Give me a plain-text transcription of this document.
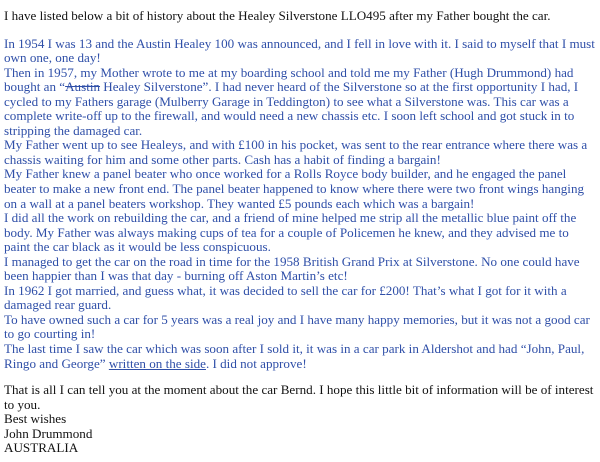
I have listed below a bit of history about the Healey Silverstone LLO495 after my Father bought the car.

In 1954 I was 13 and the Austin Healey 100 was announced, and I fell in love with it. I said to myself that I must own one, one day!

Then in 1957, my Mother wrote to me at my boarding school and told me my Father (Hugh Drummond) had bought an “Austin Healey Silverstone”. I had never heard of the Silverstone so at the first opportunity I had, I cycled to my Fathers garage (Mulberry Garage in Teddington) to see what a Silverstone was. This car was a complete write-off up to the firewall, and would need a new chassis etc. I soon left school and got stuck in to stripping the damaged car.

My Father went up to see Healeys, and with £100 in his pocket, was sent to the rear entrance where there was a chassis waiting for him and some other parts. Cash has a habit of finding a bargain!

My Father knew a panel beater who once worked for a Rolls Royce body builder, and he engaged the panel beater to make a new front end. The panel beater happened to know where there were two front wings hanging on a wall at a panel beaters workshop. They wanted £5 pounds each which was a bargain!

I did all the work on rebuilding the car, and a friend of mine helped me strip all the metallic blue paint off the body. My Father was always making cups of tea for a couple of Policemen he knew, and they advised me to paint the car black as it would be less conspicuous.

I managed to get the car on the road in time for the 1958 British Grand Prix at Silverstone. No one could have been happier than I was that day - burning off Aston Martin’s etc!

In 1962 I got married, and guess what, it was decided to sell the car for £200! That’s what I got for it with a damaged rear guard.

To have owned such a car for 5 years was a real joy and I have many happy memories, but it was not a good car to go courting in!

The last time I saw the car which was soon after I sold it, it was in a car park in Aldershot and had “John, Paul, Ringo and George” written on the side. I did not approve!

That is all I can tell you at the moment about the car Bernd. I hope this little bit of information will be of interest to you.

Best wishes

John Drummond

AUSTRALIA
